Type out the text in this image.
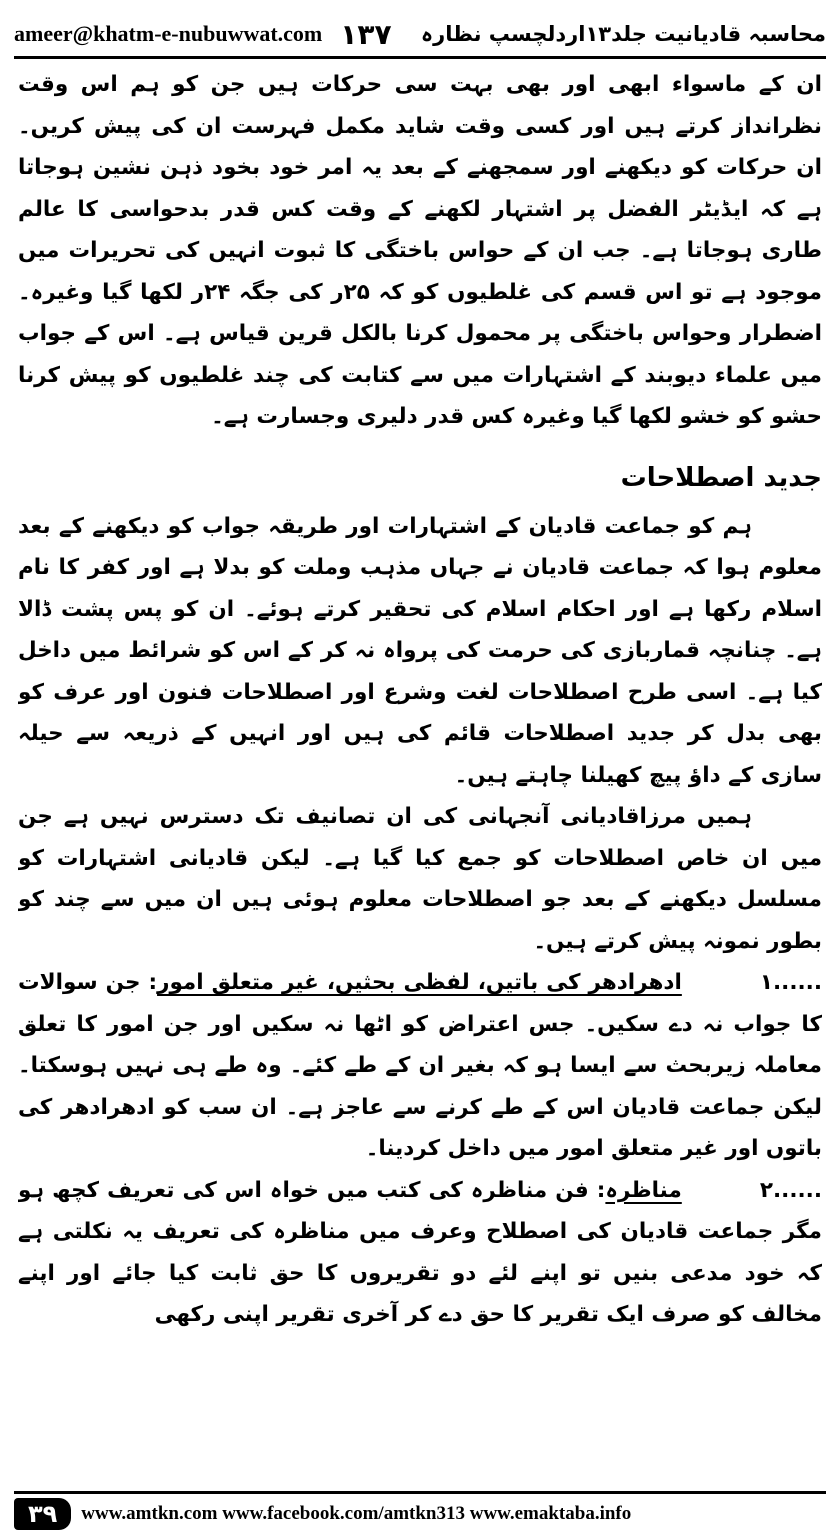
ameer@khatm-e-nubuwwat.com ۱۳۷ محاسبہ قادیانیت جلد۱۳اردلچسپ نظارہ

ان کے ماسواء ابھی اور بھی بہت سی حرکات ہیں جن کو ہم اس وقت نظرانداز کرتے ہیں اور کسی وقت شاید مکمل فہرست ان کی پیش کریں۔ ان حرکات کو دیکھنے اور سمجھنے کے بعد یہ امر خود بخود ذہن نشین ہوجاتا ہے کہ ایڈیٹر الفضل پر اشتہار لکھنے کے وقت کس قدر بدحواسی کا عالم طاری ہوجاتا ہے۔ جب ان کے حواس باختگی کا ثبوت انہیں کی تحریرات میں موجود ہے تو اس قسم کی غلطیوں کو کہ ۲۵ر کی جگہ ۲۴ر لکھا گیا وغیرہ۔ اضطرار وحواس باختگی پر محمول کرنا بالکل قرین قیاس ہے۔ اس کے جواب میں علماء دیوبند کے اشتہارات میں سے کتابت کی چند غلطیوں کو پیش کرنا حشو کو خشو لکھا گیا وغیرہ کس قدر دلیری وجسارت ہے۔

جدید اصطلاحات

ہم کو جماعت قادیان کے اشتہارات اور طریقہ جواب کو دیکھنے کے بعد معلوم ہوا کہ جماعت قادیان نے جہاں مذہب وملت کو بدلا ہے اور کفر کا نام اسلام رکھا ہے اور احکام اسلام کی تحقیر کرتے ہوئے۔ ان کو پس پشت ڈالا ہے۔ چنانچہ قماربازی کی حرمت کی پرواہ نہ کر کے اس کو شرائط میں داخل کیا ہے۔ اسی طرح اصطلاحات لغت وشرع اور اصطلاحات فنون اور عرف کو بھی بدل کر جدید اصطلاحات قائم کی ہیں اور انہیں کے ذریعہ سے حیلہ سازی کے داؤ پیچ کھیلنا چاہتے ہیں۔

ہمیں مرزاقادیانی آنجہانی کی ان تصانیف تک دسترس نہیں ہے جن میں ان خاص اصطلاحات کو جمع کیا گیا ہے۔ لیکن قادیانی اشتہارات کو مسلسل دیکھنے کے بعد جو اصطلاحات معلوم ہوئی ہیں ان میں سے چند کو بطور نمونہ پیش کرتے ہیں۔

۱...... ادھرادھر کی باتیں، لفظی بحثیں، غیر متعلق امور: جن سوالات کا جواب نہ دے سکیں۔ جس اعتراض کو اٹھا نہ سکیں اور جن امور کا تعلق معاملہ زیربحث سے ایسا ہو کہ بغیر ان کے طے کئے۔ وہ طے ہی نہیں ہوسکتا۔ لیکن جماعت قادیان اس کے طے کرنے سے عاجز ہے۔ ان سب کو ادھرادھر کی باتوں اور غیر متعلق امور میں داخل کردینا۔

۲...... مناظرہ: فن مناظرہ کی کتب میں خواہ اس کی تعریف کچھ ہو مگر جماعت قادیان کی اصطلاح وعرف میں مناظرہ کی تعریف یہ نکلتی ہے کہ خود مدعی بنیں تو اپنے لئے دو تقریروں کا حق ثابت کیا جائے اور اپنے مخالف کو صرف ایک تقریر کا حق دے کر آخری تقریر اپنی رکھی

۳۹	www.amtkn.com www.facebook.com/amtkn313 www.emaktaba.info
